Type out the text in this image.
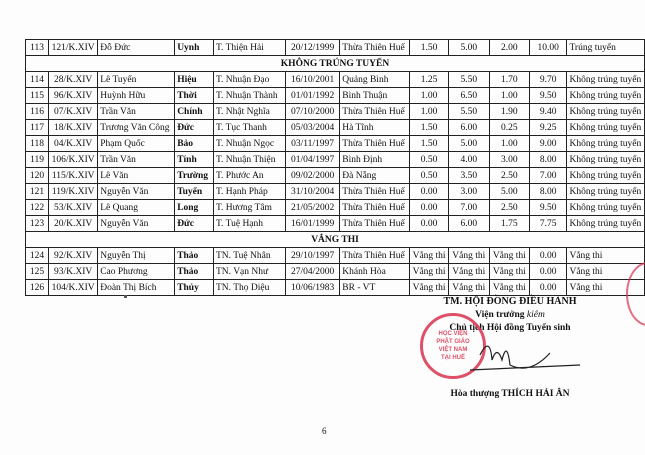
113	121/K.XIV	Đỗ Đức	Uynh	T. Thiện Hải	20/12/1999	Thừa Thiên Huế	1.50	5.00	2.00	10.00	Trúng tuyển
KHÔNG TRÚNG TUYỂN											
114	28/K.XIV	Lê Tuyển	Hiệu	T. Nhuận Đạo	16/10/2001	Quảng Bình	1.25	5.50	1.70	9.70	Không trúng tuyển
115	96/K.XIV	Huỳnh Hữu	Thời	T. Nhuận Thành	01/01/1992	Bình Thuận	1.00	6.50	1.00	9.50	Không trúng tuyển
116	07/K.XIV	Trần Văn	Chính	T. Nhật Nghĩa	07/10/2000	Thừa Thiên Huế	1.00	5.50	1.90	9.40	Không trúng tuyển
117	18/K.XIV	Trương Văn Công	Đức	T. Tục Thanh	05/03/2004	Hà Tĩnh	1.50	6.00	0.25	9.25	Không trúng tuyển
118	04/K.XIV	Phạm Quốc	Bảo	T. Nhuận Ngọc	03/11/1997	Thừa Thiên Huế	1.50	5.00	1.00	9.00	Không trúng tuyển
119	106/K.XIV	Trần Văn	Tính	T. Nhuận Thiện	01/04/1997	Bình Định	0.50	4.00	3.00	8.00	Không trúng tuyển
120	115/K.XIV	Lê Văn	Trường	T. Phước An	09/02/2000	Đà Nẵng	0.50	3.50	2.50	7.00	Không trúng tuyển
121	119/K.XIV	Nguyễn Văn	Tuyển	T. Hạnh Pháp	31/10/2004	Thừa Thiên Huế	0.00	3.00	5.00	8.00	Không trúng tuyển
122	53/K.XIV	Lê Quang	Long	T. Hương Tâm	21/05/2002	Thừa Thiên Huế	0.00	7.00	2.50	9.50	Không trúng tuyển
123	20/K.XIV	Nguyễn Văn	Đức	T. Tuệ Hạnh	16/01/1999	Thừa Thiên Huế	0.00	6.00	1.75	7.75	Không trúng tuyển
VẮNG THI											
124	92/K.XIV	Nguyễn Thị	Thảo	TN. Tuệ Nhân	29/10/1997	Thừa Thiên Huế	Vắng thi	Vắng thi	Vắng thi	0.00	Vắng thi
125	93/K.XIV	Cao Phương	Thảo	TN. Vạn Như	27/04/2000	Khánh Hòa	Vắng thi	Vắng thi	Vắng thi	0.00	Vắng thi
126	104/K.XIV	Đoàn Thị Bích	Thủy	TN. Thọ Diệu	10/06/1983	BR - VT	Vắng thi	Vắng thi	Vắng thi	0.00	Vắng thi
TM. HỘI ĐỒNG ĐIỀU HÀNH
Viện trưởng kiêm
Chủ tịch Hội đồng Tuyển sinh
HỌC VIỆN
PHẬT GIÁO
VIỆT NAM
TẠI HUẾ
Hòa thượng THÍCH HẢI ÂN
6
